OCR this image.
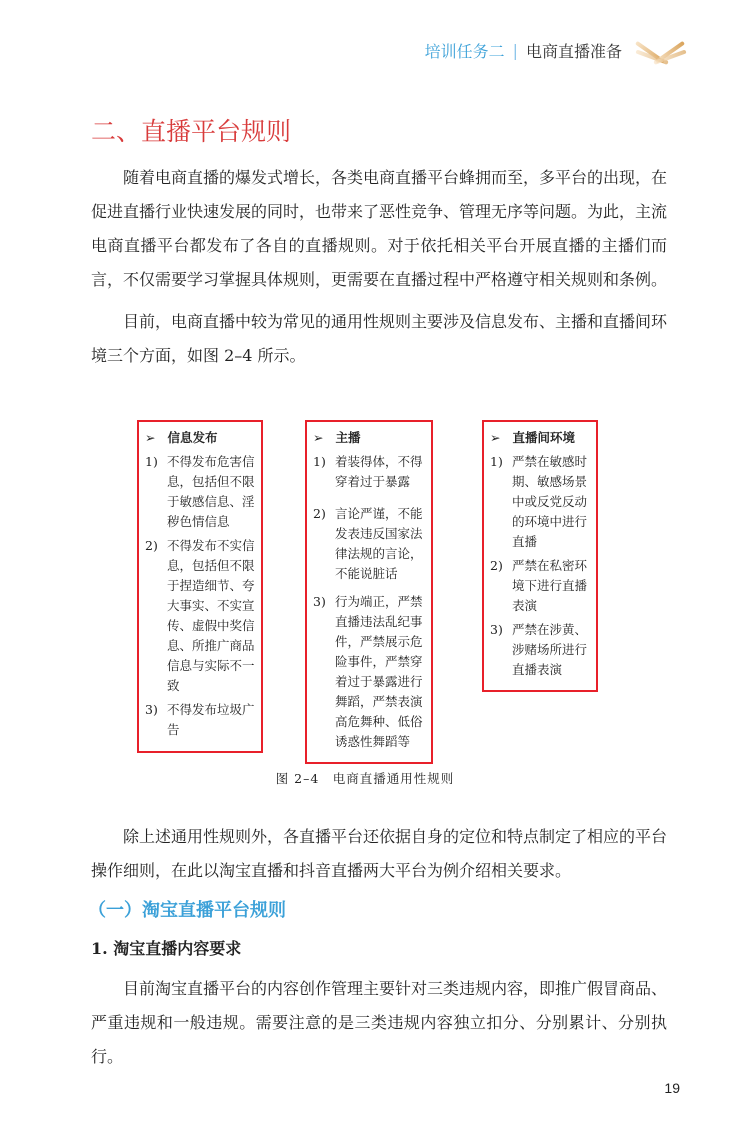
培训任务二 | 电商直播准备
二、直播平台规则

随着电商直播的爆发式增长，各类电商直播平台蜂拥而至，多平台的出现，在促进直播行业快速发展的同时，也带来了恶性竞争、管理无序等问题。为此，主流电商直播平台都发布了各自的直播规则。对于依托相关平台开展直播的主播们而言，不仅需要学习掌握具体规则，更需要在直播过程中严格遵守相关规则和条例。

目前，电商直播中较为常见的通用性规则主要涉及信息发布、主播和直播间环境三个方面，如图 2–4 所示。

➢ 信息发布
1) 不得发布危害信息，包括但不限于敏感信息、淫秽色情信息
2) 不得发布不实信息，包括但不限于捏造细节、夸大事实、不实宣传、虚假中奖信息、所推广商品信息与实际不一致
3) 不得发布垃圾广告
➢ 主播
1) 着装得体，不得穿着过于暴露
2) 言论严谨，不能发表违反国家法律法规的言论，不能说脏话
3) 行为端正，严禁直播违法乱纪事件，严禁展示危险事件，严禁穿着过于暴露进行舞蹈，严禁表演高危舞种、低俗诱惑性舞蹈等
➢ 直播间环境
1) 严禁在敏感时期、敏感场景中或反党反动的环境中进行直播
2) 严禁在私密环境下进行直播表演
3) 严禁在涉黄、涉赌场所进行直播表演
图 2–4　电商直播通用性规则

除上述通用性规则外，各直播平台还依据自身的定位和特点制定了相应的平台操作细则，在此以淘宝直播和抖音直播两大平台为例介绍相关要求。

（一）淘宝直播平台规则
1. 淘宝直播内容要求

目前淘宝直播平台的内容创作管理主要针对三类违规内容，即推广假冒商品、严重违规和一般违规。需要注意的是三类违规内容独立扣分、分别累计、分别执行。

19
